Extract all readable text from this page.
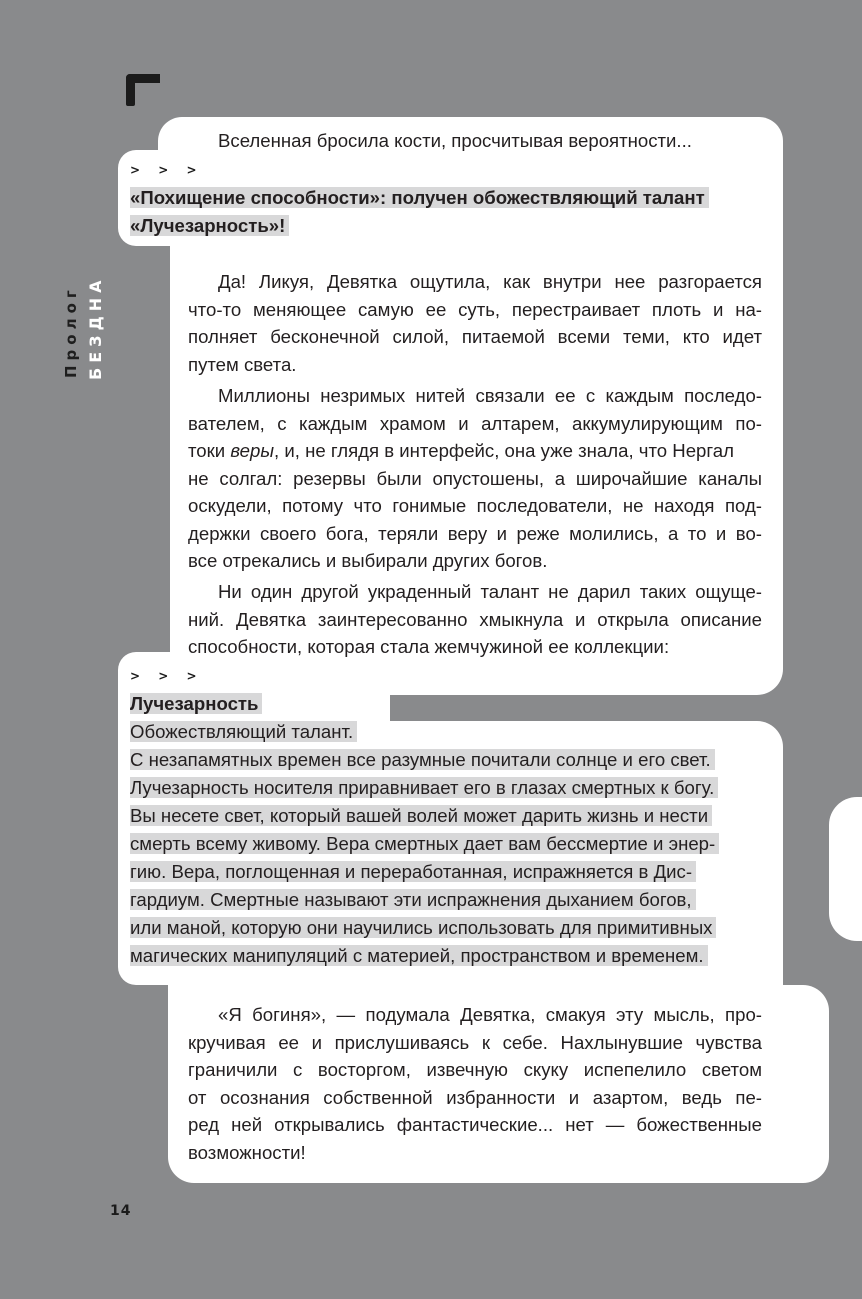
Пролог БЕЗДНА
Вселенная бросила кости, просчитывая вероятности...
> > >
«Похищение способности»: получен обожествляющий талант
«Лучезарность»!
Да! Ликуя, Девятка ощутила, как внутри нее разгорается
что-то меняющее самую ее суть, перестраивает плоть и на-
полняет бесконечной силой, питаемой всеми теми, кто идет
путем света.
Миллионы незримых нитей связали ее с каждым последо-
вателем, с каждым храмом и алтарем, аккумулирующим по-
токи веры, и, не глядя в интерфейс, она уже знала, что Нергал
не солгал: резервы были опустошены, а широчайшие каналы
оскудели, потому что гонимые последователи, не находя под-
держки своего бога, теряли веру и реже молились, а то и во-
все отрекались и выбирали других богов.
Ни один другой украденный талант не дарил таких ощуще-
ний. Девятка заинтересованно хмыкнула и открыла описание
способности, которая стала жемчужиной ее коллекции:
> > >
Лучезарность
Обожествляющий талант.
С незапамятных времен все разумные почитали солнце и его свет.
Лучезарность носителя приравнивает его в глазах смертных к богу.
Вы несете свет, который вашей волей может дарить жизнь и нести
смерть всему живому. Вера смертных дает вам бессмертие и энер-
гию. Вера, поглощенная и переработанная, испражняется в Дис-
гардиум. Смертные называют эти испражнения дыханием богов,
или маной, которую они научились использовать для примитивных
магических манипуляций с материей, пространством и временем.
«Я богиня», — подумала Девятка, смакуя эту мысль, про-
кручивая ее и прислушиваясь к себе. Нахлынувшие чувства
граничили с восторгом, извечную скуку испепелило светом
от осознания собственной избранности и азартом, ведь пе-
ред ней открывались фантастические... нет — божественные
возможности!
14
